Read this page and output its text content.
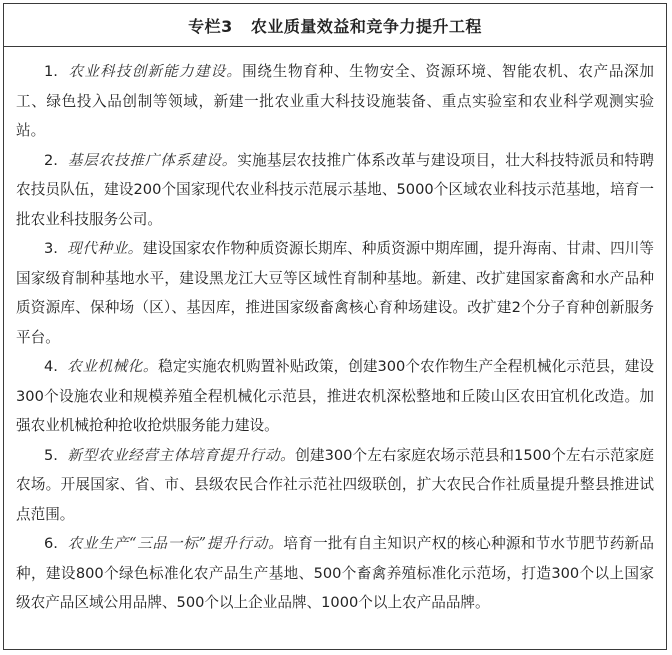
专栏3 农业质量效益和竞争力提升工程

1. 农业科技创新能力建设。围绕生物育种、生物安全、资源环境、智能农机、农产品深加工、绿色投入品创制等领域，新建一批农业重大科技设施装备、重点实验室和农业科学观测实验站。

2. 基层农技推广体系建设。实施基层农技推广体系改革与建设项目，壮大科技特派员和特聘农技员队伍，建设200个国家现代农业科技示范展示基地、5000个区域农业科技示范基地，培育一批农业科技服务公司。

3. 现代种业。建设国家农作物种质资源长期库、种质资源中期库圃，提升海南、甘肃、四川等国家级育制种基地水平，建设黑龙江大豆等区域性育制种基地。新建、改扩建国家畜禽和水产品种质资源库、保种场（区）、基因库，推进国家级畜禽核心育种场建设。改扩建2个分子育种创新服务平台。

4. 农业机械化。稳定实施农机购置补贴政策，创建300个农作物生产全程机械化示范县，建设300个设施农业和规模养殖全程机械化示范县，推进农机深松整地和丘陵山区农田宜机化改造。加强农业机械抢种抢收抢烘服务能力建设。

5. 新型农业经营主体培育提升行动。创建300个左右家庭农场示范县和1500个左右示范家庭农场。开展国家、省、市、县级农民合作社示范社四级联创，扩大农民合作社质量提升整县推进试点范围。

6. 农业生产“三品一标”提升行动。培育一批有自主知识产权的核心种源和节水节肥节药新品种，建设800个绿色标准化农产品生产基地、500个畜禽养殖标准化示范场，打造300个以上国家级农产品区域公用品牌、500个以上企业品牌、1000个以上农产品品牌。
